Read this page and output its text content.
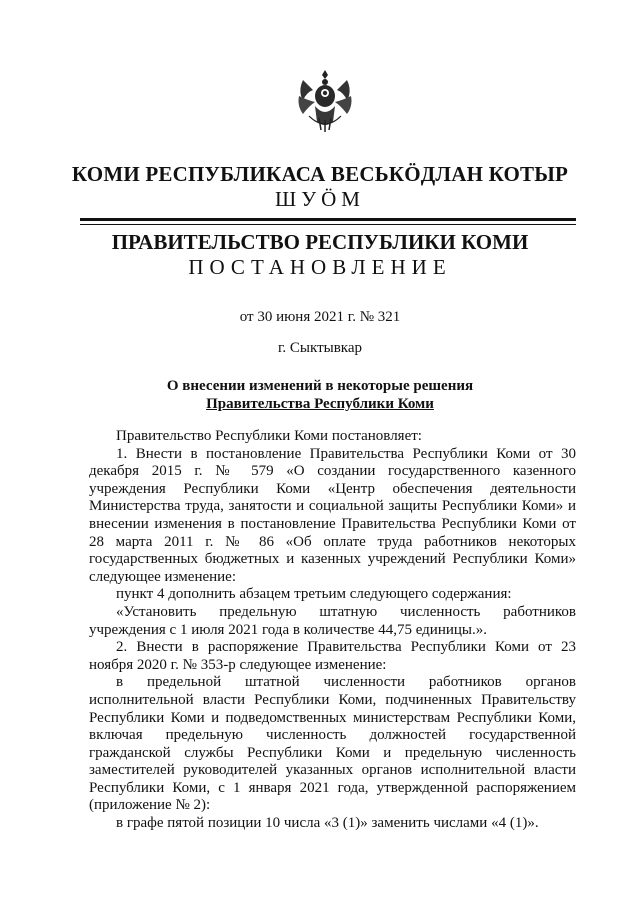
КОМИ РЕСПУБЛИКАСА ВЕСЬКӦДЛАН КОТЫР
ШУӦМ
ПРАВИТЕЛЬСТВО РЕСПУБЛИКИ КОМИ
ПОСТАНОВЛЕНИЕ
от 30 июня 2021 г. № 321
г. Сыктывкар
О внесении изменений в некоторые решения
Правительства Республики Коми

Правительство Республики Коми постановляет:

1. Внести в постановление Правительства Республики Коми от 30 декабря 2015 г. № 579 «О создании государственного казенного учреждения Республики Коми «Центр обеспечения деятельности Министерства труда, занятости и социальной защиты Республики Коми» и внесении изменения в постановление Правительства Республики Коми от 28 марта 2011 г. № 86 «Об оплате труда работников некоторых государственных бюджетных и казенных учреждений Республики Коми» следующее изменение:

пункт 4 дополнить абзацем третьим следующего содержания:

«Установить предельную штатную численность работников учреждения с 1 июля 2021 года в количестве 44,75 единицы.».

2. Внести в распоряжение Правительства Республики Коми от 23 ноября 2020 г. № 353-р следующее изменение:

в предельной штатной численности работников органов исполнительной власти Республики Коми, подчиненных Правительству Республики Коми и подведомственных министерствам Республики Коми, включая предельную численность должностей государственной гражданской службы Республики Коми и предельную численность заместителей руководителей указанных органов исполнительной власти Республики Коми, с 1 января 2021 года, утвержденной распоряжением (приложение № 2):

в графе пятой позиции 10 числа «3 (1)» заменить числами «4 (1)».
